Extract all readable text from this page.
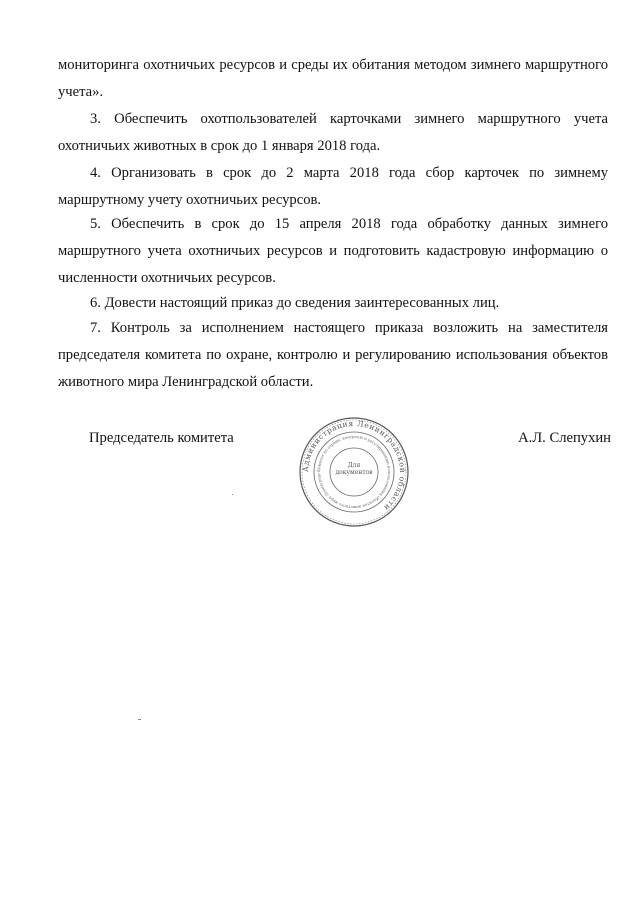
мониторинга охотничьих ресурсов и среды их обитания методом зимнего маршрутного учета».

3. Обеспечить охотпользователей карточками зимнего маршрутного учета охотничьих животных в срок до 1 января 2018 года.

4. Организовать в срок до 2 марта 2018 года сбор карточек по зимнему маршрутному учету охотничьих ресурсов.

5. Обеспечить в срок до 15 апреля 2018 года обработку данных зимнего маршрутного учета охотничьих ресурсов и подготовить кадастровую информацию о численности охотничьих ресурсов.

6. Довести настоящий приказ до сведения заинтересованных лиц.

7. Контроль за исполнением настоящего приказа возложить на заместителя председателя комитета по охране, контролю и регулированию использования объектов животного мира Ленинградской области.

Председатель комитета	А.Л. Слепухин
Администрация Ленинградской области
Комитет по охране, контролю и регулированию использования объектов животного мира Ленинградс
Для документов
